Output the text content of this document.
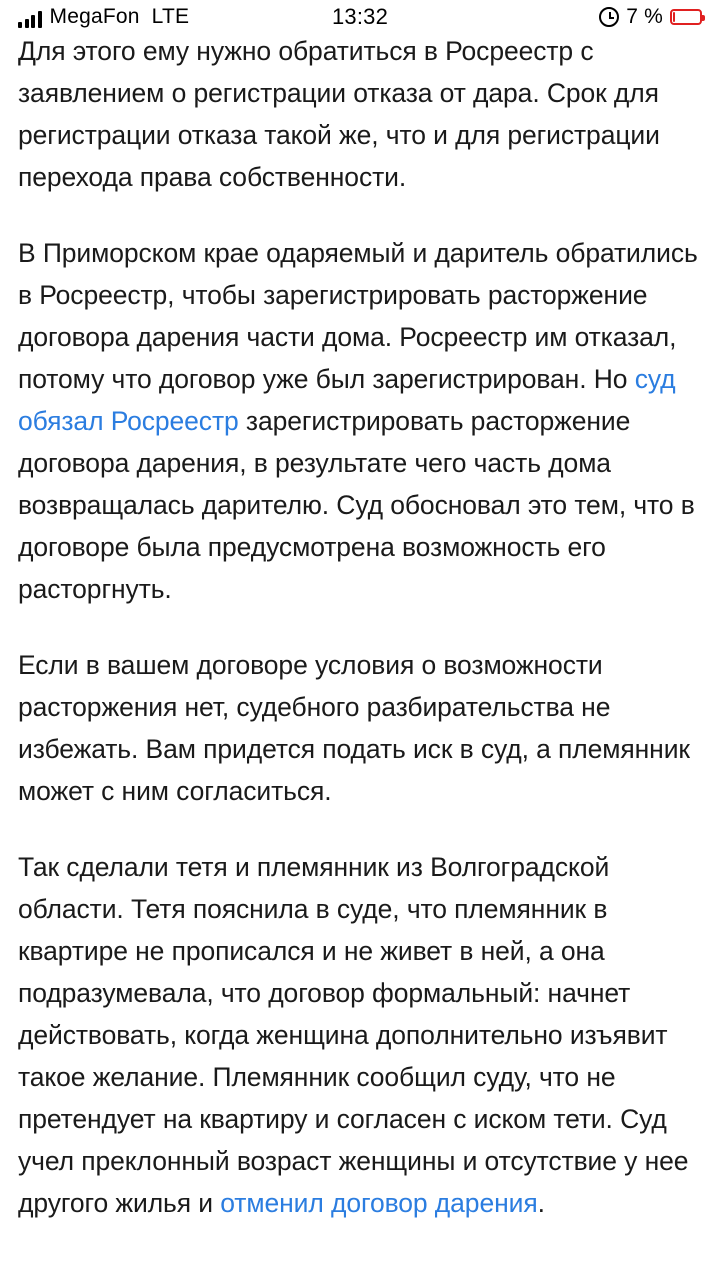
MegaFon LTE	13:32	7 %

Для этого ему нужно обратиться в Росреестр с заявлением о регистрации отказа от дара. Срок для регистрации отказа такой же, что и для регистрации перехода права собственности.

В Приморском крае одаряемый и даритель обратились в Росреестр, чтобы зарегистрировать расторжение договора дарения части дома. Росреестр им отказал, потому что договор уже был зарегистрирован. Но суд обязал Росреестр зарегистрировать расторжение договора дарения, в результате чего часть дома возвращалась дарителю. Суд обосновал это тем, что в договоре была предусмотрена возможность его расторгнуть.

Если в вашем договоре условия о возможности расторжения нет, судебного разбирательства не избежать. Вам придется подать иск в суд, а племянник может с ним согласиться.

Так сделали тетя и племянник из Волгоградской области. Тетя пояснила в суде, что племянник в квартире не прописался и не живет в ней, а она подразумевала, что договор формальный: начнет действовать, когда женщина дополнительно изъявит такое желание. Племянник сообщил суду, что не претендует на квартиру и согласен с иском тети. Суд учел преклонный возраст женщины и отсутствие у нее другого жилья и отменил договор дарения.
